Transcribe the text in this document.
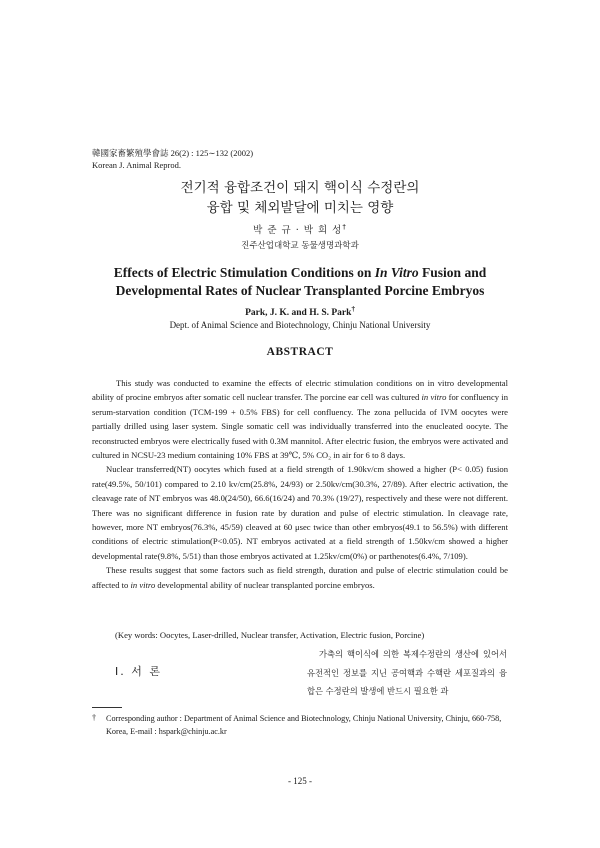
韓國家畜繁殖學會誌 26(2) : 125∼132 (2002)
Korean J. Animal Reprod.
전기적 융합조건이 돼지 핵이식 수정란의
융합 및 체외발달에 미치는 영향
박 준 규 · 박 희 성†
진주산업대학교 동물생명과학과
Effects of Electric Stimulation Conditions on In Vitro Fusion and
Developmental Rates of Nuclear Transplanted Porcine Embryos
Park, J. K. and H. S. Park†
Dept. of Animal Science and Biotechnology, Chinju National University
ABSTRACT

This study was conducted to examine the effects of electric stimulation conditions on in vitro developmental ability of procine embryos after somatic cell nuclear transfer. The porcine ear cell was cultured in vitro for confluency in serum-starvation condition (TCM-199 + 0.5% FBS) for cell confluency. The zona pellucida of IVM oocytes were partially drilled using laser system. Single somatic cell was individually transferred into the enucleated oocyte. The reconstructed embryos were electrically fused with 0.3M mannitol. After electric fusion, the embryos were activated and cultured in NCSU-23 medium containing 10% FBS at 39℃, 5% CO₂ in air for 6 to 8 days.

Nuclear transferred(NT) oocytes which fused at a field strength of 1.90kv/cm showed a higher (P< 0.05) fusion rate(49.5%, 50/101) compared to 2.10 kv/cm(25.8%, 24/93) or 2.50kv/cm(30.3%, 27/89). After electric activation, the cleavage rate of NT embryos was 48.0(24/50), 66.6(16/24) and 70.3% (19/27), respectively and these were not different. There was no significant difference in fusion rate by duration and pulse of electric stimulation. In cleavage rate, however, more NT embryos(76.3%, 45/59) cleaved at 60 μsec twice than other embryos(49.1 to 56.5%) with different conditions of electric stimulation(P<0.05). NT embryos activated at a field strength of 1.50kv/cm showed a higher developmental rate(9.8%, 5/51) than those embryos activated at 1.25kv/cm(0%) or parthenotes(6.4%, 7/109).

These results suggest that some factors such as field strength, duration and pulse of electric stimulation could be affected to in vitro developmental ability of nuclear transplanted porcine embryos.

(Key words: Oocytes, Laser-drilled, Nuclear transfer, Activation, Electric fusion, Porcine)
Ⅰ. 서 론

가축의 핵이식에 의한 복제수정란의 생산에 있어서 유전적인 정보를 지닌 공여핵과 수핵란 세포질과의 융합은 수정란의 발생에 반드시 필요한 과

† Corresponding author : Department of Animal Science and Biotechnology, Chinju National University, Chinju, 660-758, Korea, E-mail : hspark@chinju.ac.kr
- 125 -
